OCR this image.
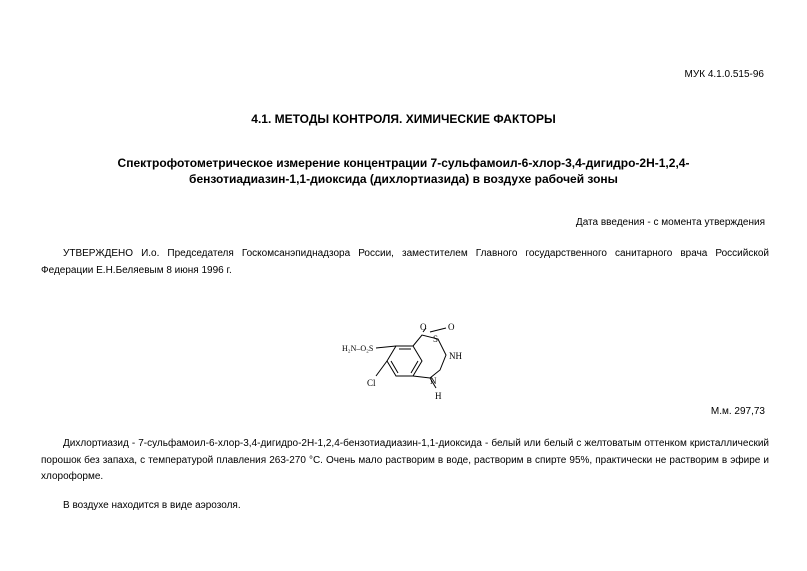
МУК 4.1.0.515-96
4.1. МЕТОДЫ КОНТРОЛЯ. ХИМИЧЕСКИЕ ФАКТОРЫ
Спектрофотометрическое измерение концентрации 7-сульфамоил-6-хлор-3,4-дигидро-2Н-1,2,4-
бензотиадиазин-1,1-диоксида (дихлортиазида) в воздухе рабочей зоны
Дата введения - с момента утверждения
УТВЕРЖДЕНО И.о. Председателя Госкомсанэпиднадзора России, заместителем Главного государственного санитарного врача Российской Федерации Е.Н.Беляевым 8 июня 1996 г.
H₂N–O₂S
O O
S
NH
N
H
Cl
М.м. 297,73
Дихлортиазид - 7-сульфамоил-6-хлор-3,4-дигидро-2Н-1,2,4-бензотиадиазин-1,1-диоксида - белый или белый с желтоватым оттенком кристаллический порошок без запаха, с температурой плавления 263-270 °С. Очень мало растворим в воде, растворим в спирте 95%, практически не растворим в эфире и хлороформе.
В воздухе находится в виде аэрозоля.
